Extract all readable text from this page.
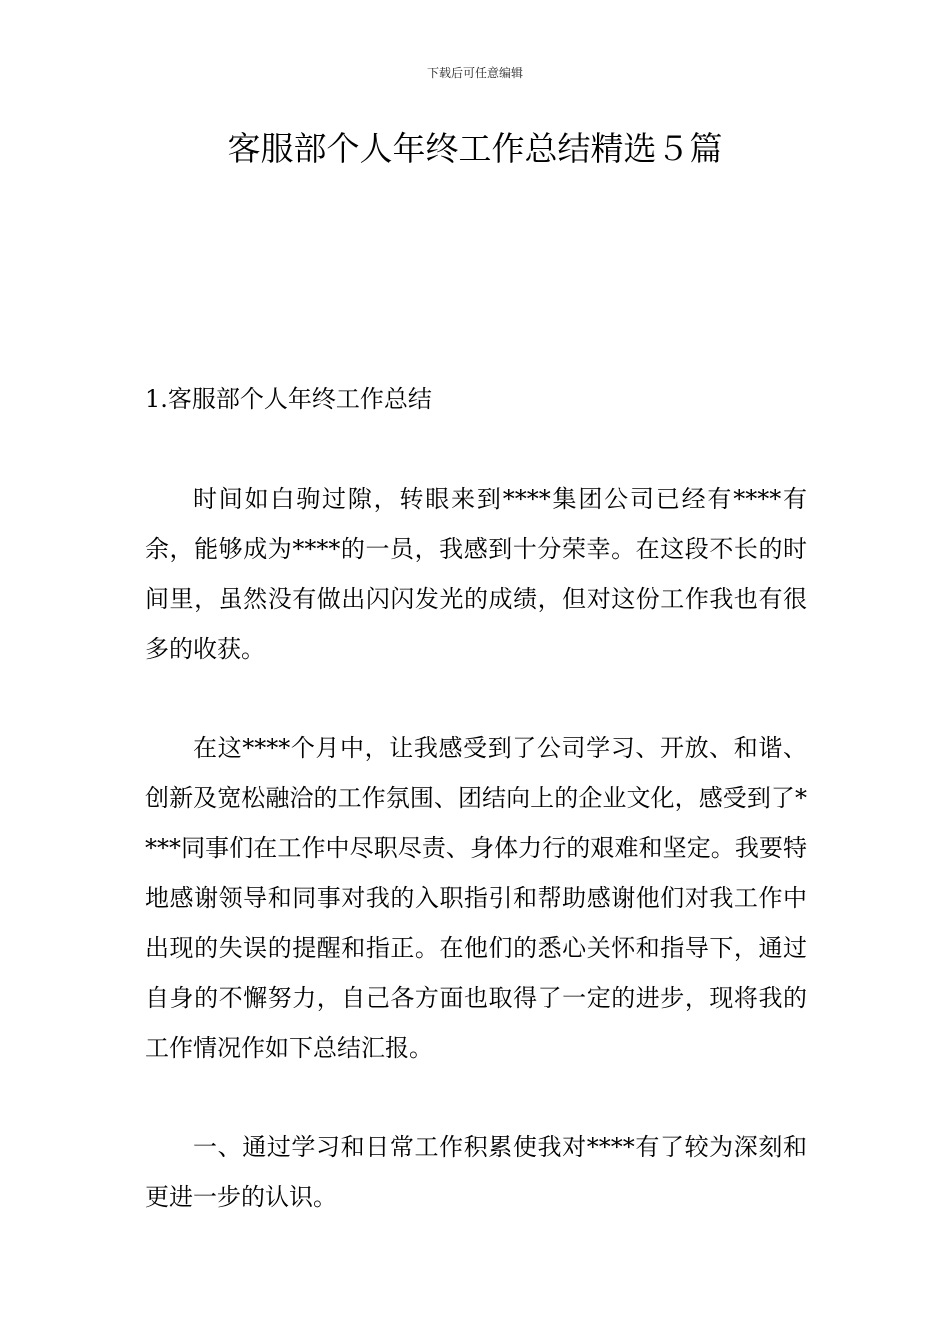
下载后可任意编辑
客服部个人年终工作总结精选５篇

1.客服部个人年终工作总结

时间如白驹过隙，转眼来到****集团公司已经有****有余，能够成为****的一员，我感到十分荣幸。在这段不长的时间里，虽然没有做出闪闪发光的成绩，但对这份工作我也有很多的收获。

在这****个月中，让我感受到了公司学习、开放、和谐、创新及宽松融洽的工作氛围、团结向上的企业文化，感受到了****同事们在工作中尽职尽责、身体力行的艰难和坚定。我要特地感谢领导和同事对我的入职指引和帮助感谢他们对我工作中出现的失误的提醒和指正。在他们的悉心关怀和指导下，通过自身的不懈努力，自己各方面也取得了一定的进步，现将我的工作情况作如下总结汇报。

一、通过学习和日常工作积累使我对****有了较为深刻和更进一步的认识。
